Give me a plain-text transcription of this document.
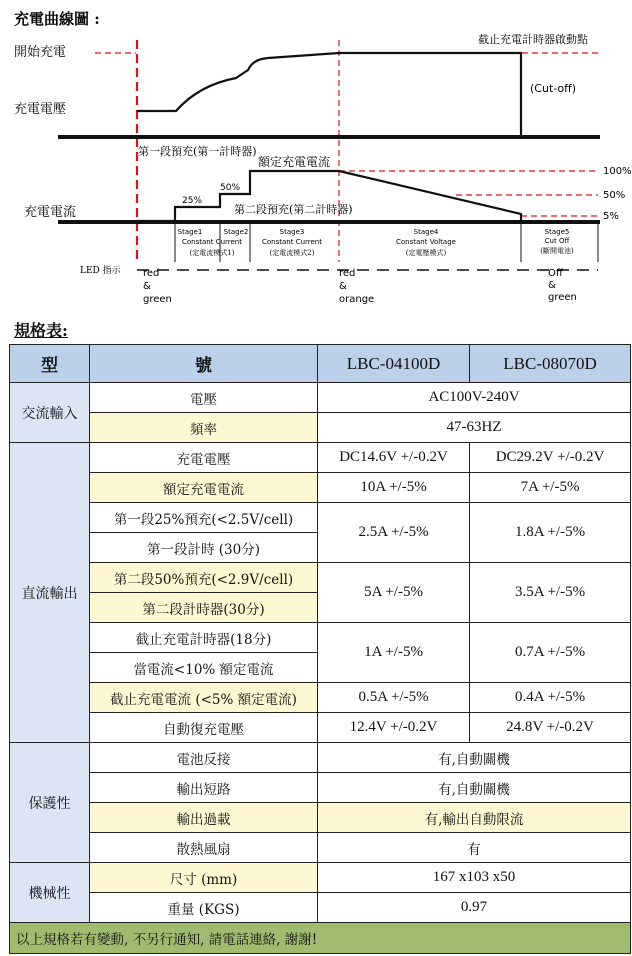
充電曲線圖 :
開始充電
截止充電計時器啟動點
(Cut-off)
充電電壓
第一段預充(第一計時器)
額定充電電流
100%
50%
5%
50%
25%
第二段預充(第二計時器)
充電電流
Stage1	Stage2
Constant Current
(定電流模式1)
Stage3
Constant Current
(定電流模式2)
Stage4
Constant Voltage
(定電壓模式)
Stage5
Cut Off
(斷開電池)
LED 指示 red
&
green
red
&
orange
Off
&
green
規格表:
型	號	LBC-04100D	LBC-08070D
交流輸入	電壓	AC100V-240V	
	頻率	47-63HZ	
直流輸出	充電電壓	DC14.6V +/-0.2V	DC29.2V +/-0.2V
	額定充電電流	10A +/-5%	7A +/-5%
	第一段25%預充(<2.5V/cell)	2.5A +/-5%	1.8A +/-5%
	第一段計時 (30分)		
	第二段50%預充(<2.9V/cell)	5A +/-5%	3.5A +/-5%
	第二段計時器(30分)		
	截止充電計時器(18分)	1A +/-5%	0.7A +/-5%
	當電流<10% 額定電流		
	截止充電電流 (<5% 額定電流)	0.5A +/-5%	0.4A +/-5%
	自動復充電壓	12.4V +/-0.2V	24.8V +/-0.2V
保護性	電池反接	有,自動關機	
	輸出短路	有,自動關機	
	輸出過載	有,輸出自動限流	
	散熱風扇	有	
機械性	尺寸 (mm)	167 x103 x50	
	重量 (KGS)	0.97	
以上規格若有變動, 不另行通知, 請電話連絡, 謝謝!			
